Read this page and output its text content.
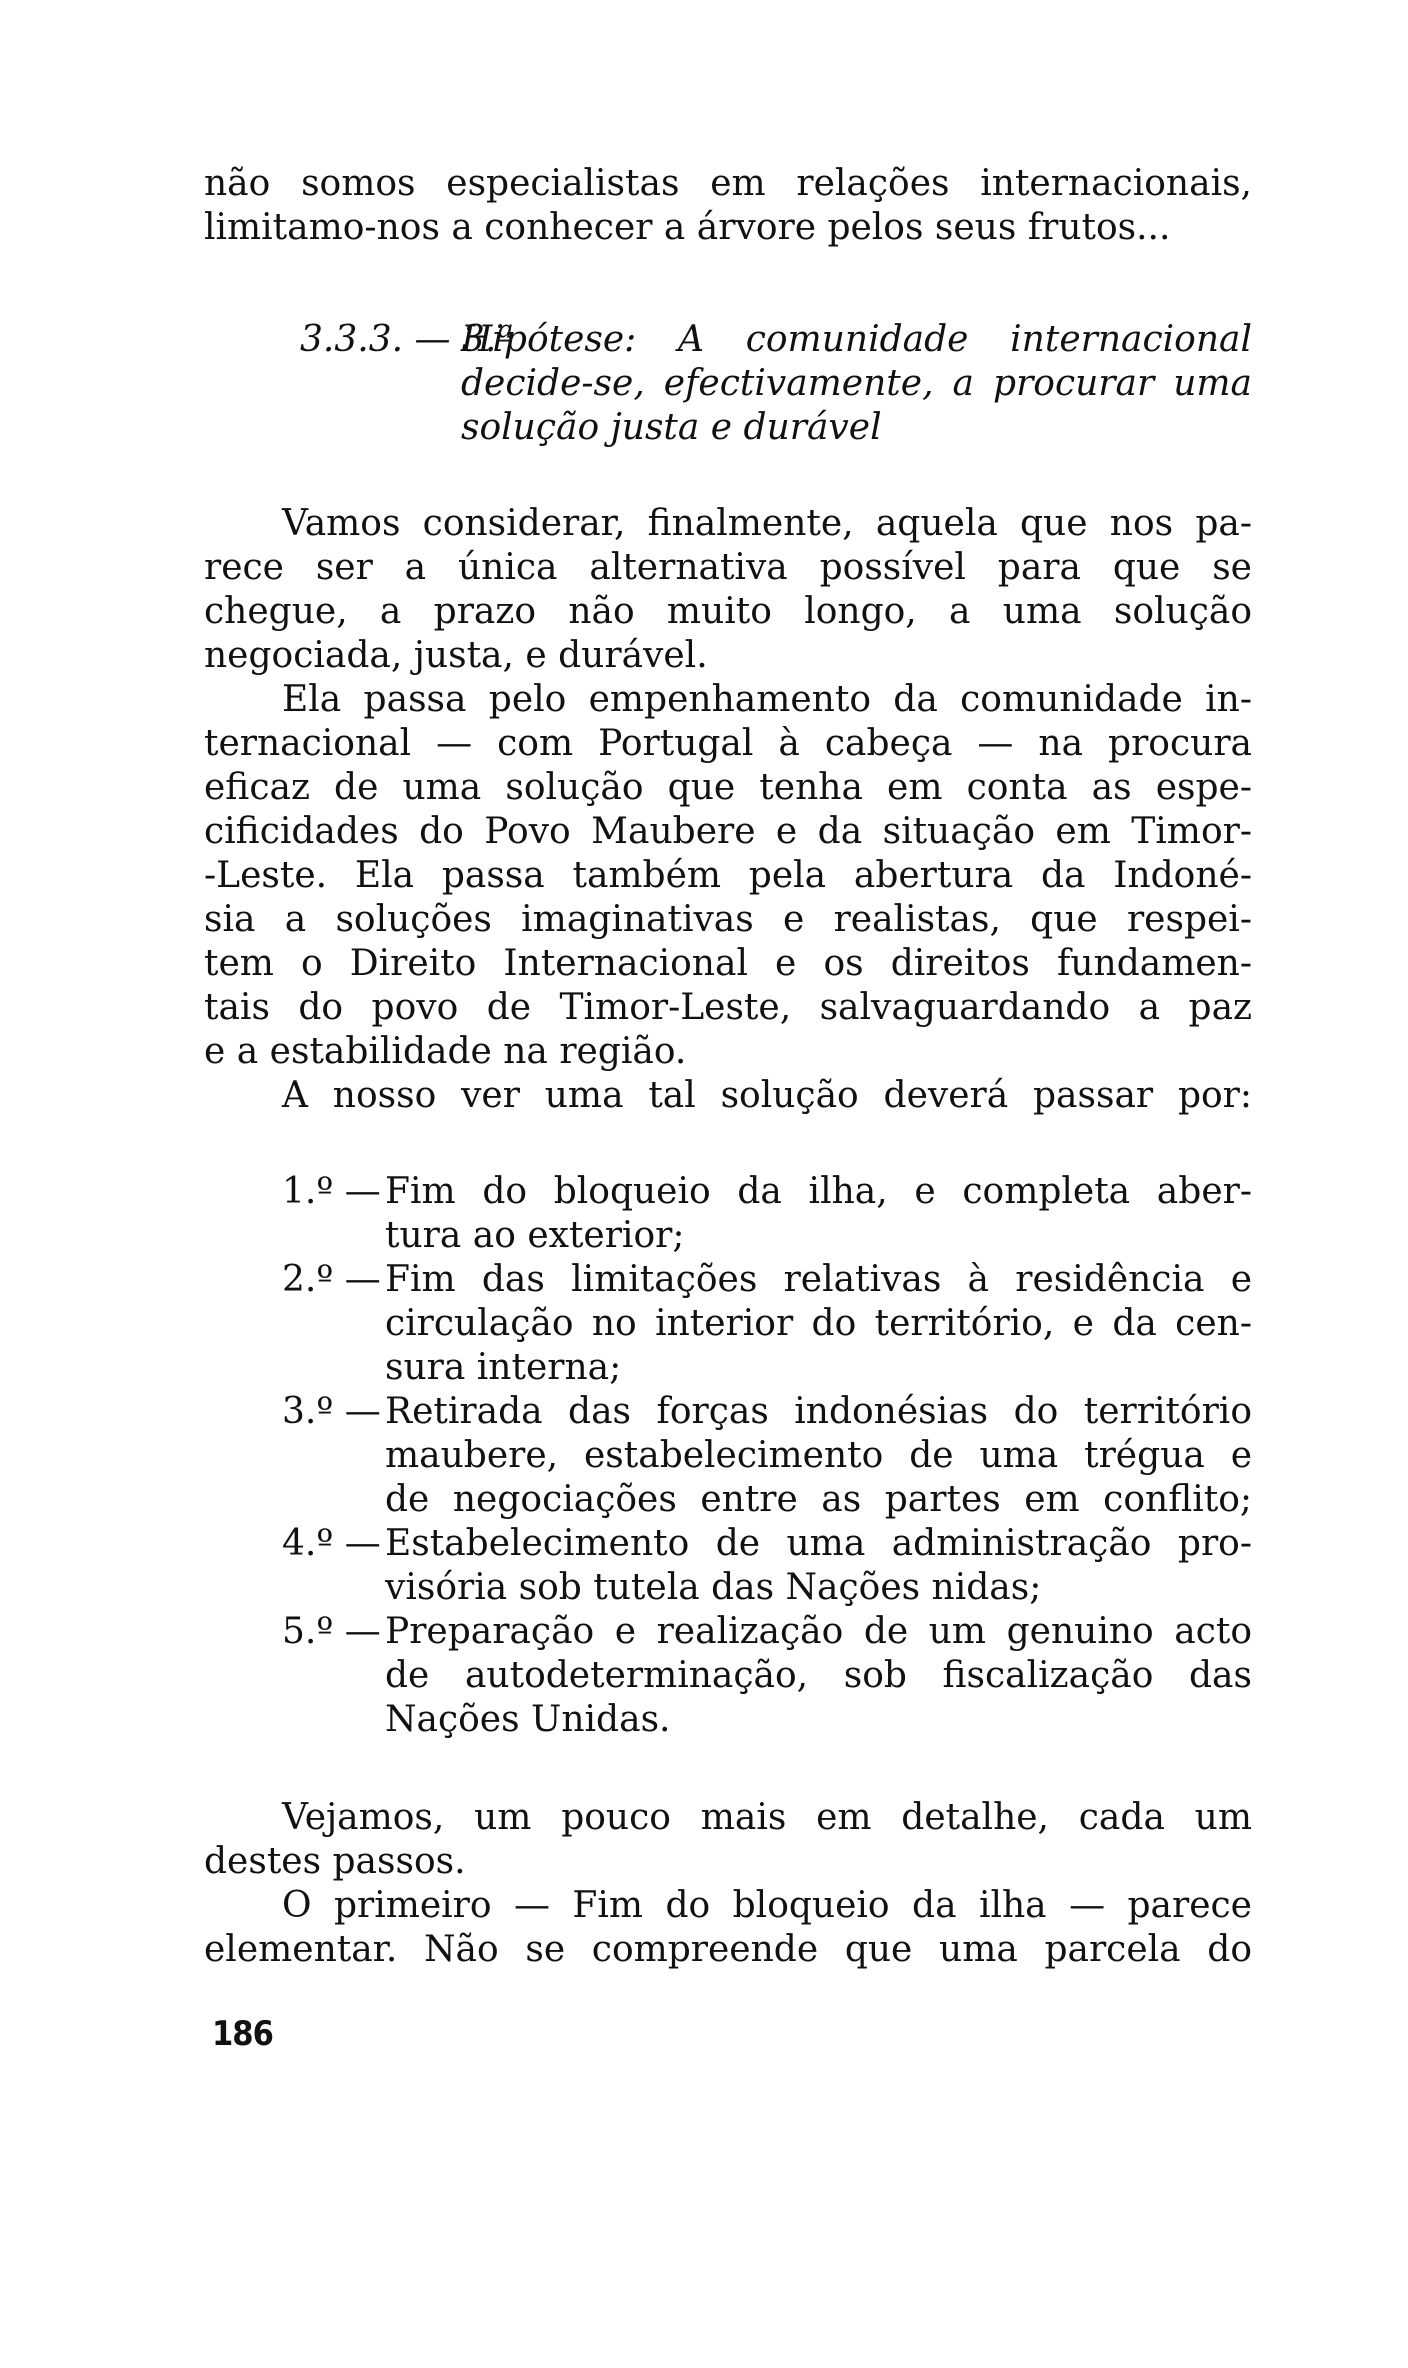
não somos especialistas em relações internacionais,

limitamo-nos a conhecer a árvore pelos seus frutos...

3.3.3. — 3.ª

Hipótese: A comunidade internacional

decide-se, efectivamente, a procurar uma

solução justa e durável

Vamos considerar, finalmente, aquela que nos pa-

rece ser a única alternativa possível para que se

chegue, a prazo não muito longo, a uma solução

negociada, justa, e durável.

Ela passa pelo empenhamento da comunidade in-

ternacional — com Portugal à cabeça — na procura

eficaz de uma solução que tenha em conta as espe-

cificidades do Povo Maubere e da situação em Timor-

-Leste. Ela passa também pela abertura da Indoné-

sia a soluções imaginativas e realistas, que respei-

tem o Direito Internacional e os direitos fundamen-

tais do povo de Timor-Leste, salvaguardando a paz

e a estabilidade na região.

A nosso ver uma tal solução deverá passar por:

1.º — Fim do bloqueio da ilha, e completa aber-

tura ao exterior;

2.º — Fim das limitações relativas à residência e

circulação no interior do território, e da cen-

sura interna;

3.º — Retirada das forças indonésias do território

maubere, estabelecimento de uma trégua e

de negociações entre as partes em conflito;

4.º — Estabelecimento de uma administração pro-

visória sob tutela das Nações nidas;

5.º — Preparação e realização de um genuino acto

de autodeterminação, sob fiscalização das

Nações Unidas.

Vejamos, um pouco mais em detalhe, cada um

destes passos.

O primeiro — Fim do bloqueio da ilha — parece

elementar. Não se compreende que uma parcela do

186
